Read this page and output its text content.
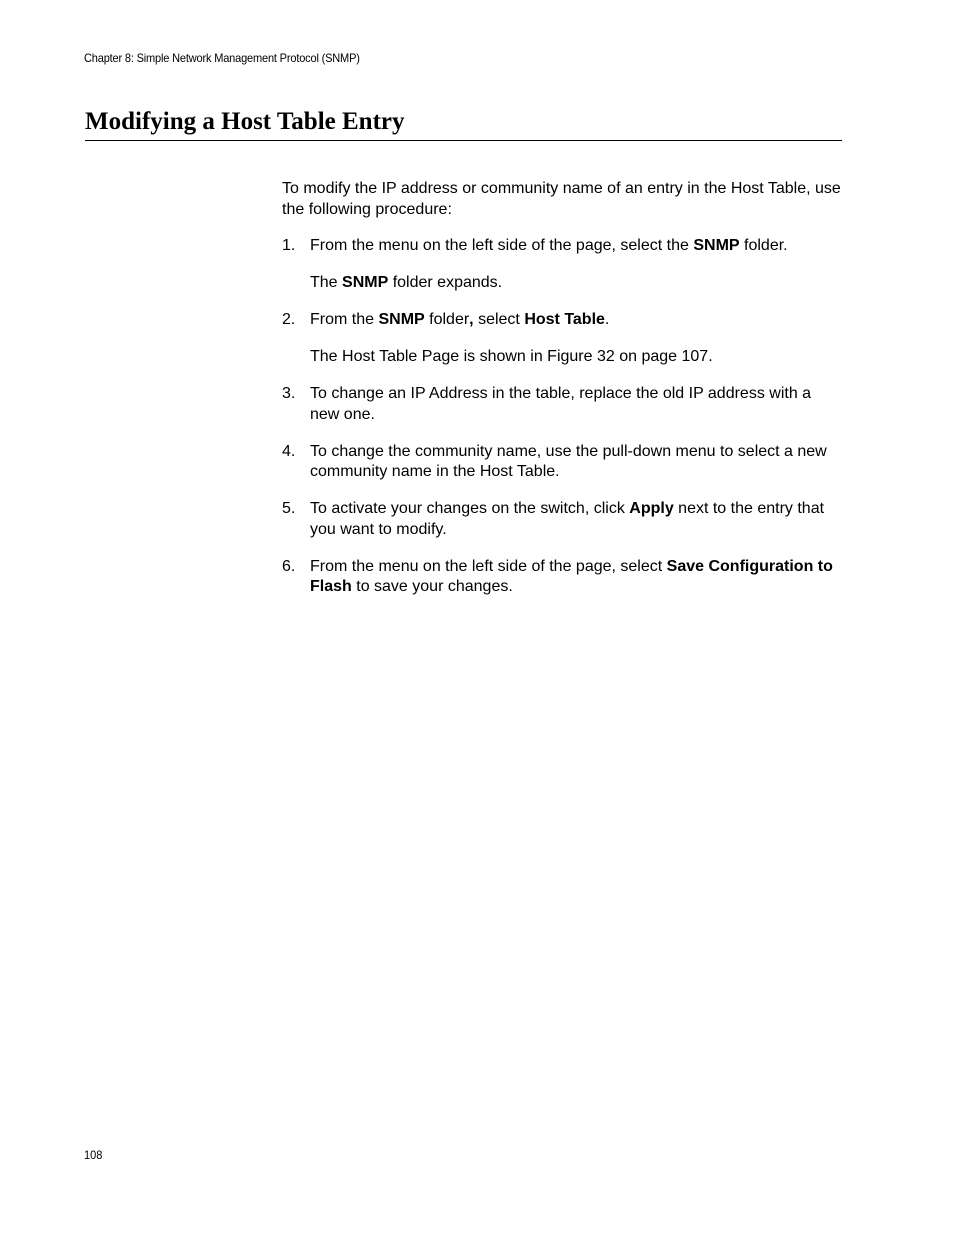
Chapter 8: Simple Network Management Protocol (SNMP)
Modifying a Host Table Entry

To modify the IP address or community name of an entry in the Host Table, use the following procedure:

1. From the menu on the left side of the page, select the SNMP folder.

The SNMP folder expands.

2. From the SNMP folder, select Host Table.

The Host Table Page is shown in Figure 32 on page 107.

3. To change an IP Address in the table, replace the old IP address with a new one.
4. To change the community name, use the pull-down menu to select a new community name in the Host Table.
5. To activate your changes on the switch, click Apply next to the entry that you want to modify.
6. From the menu on the left side of the page, select Save Configuration to Flash to save your changes.
108
